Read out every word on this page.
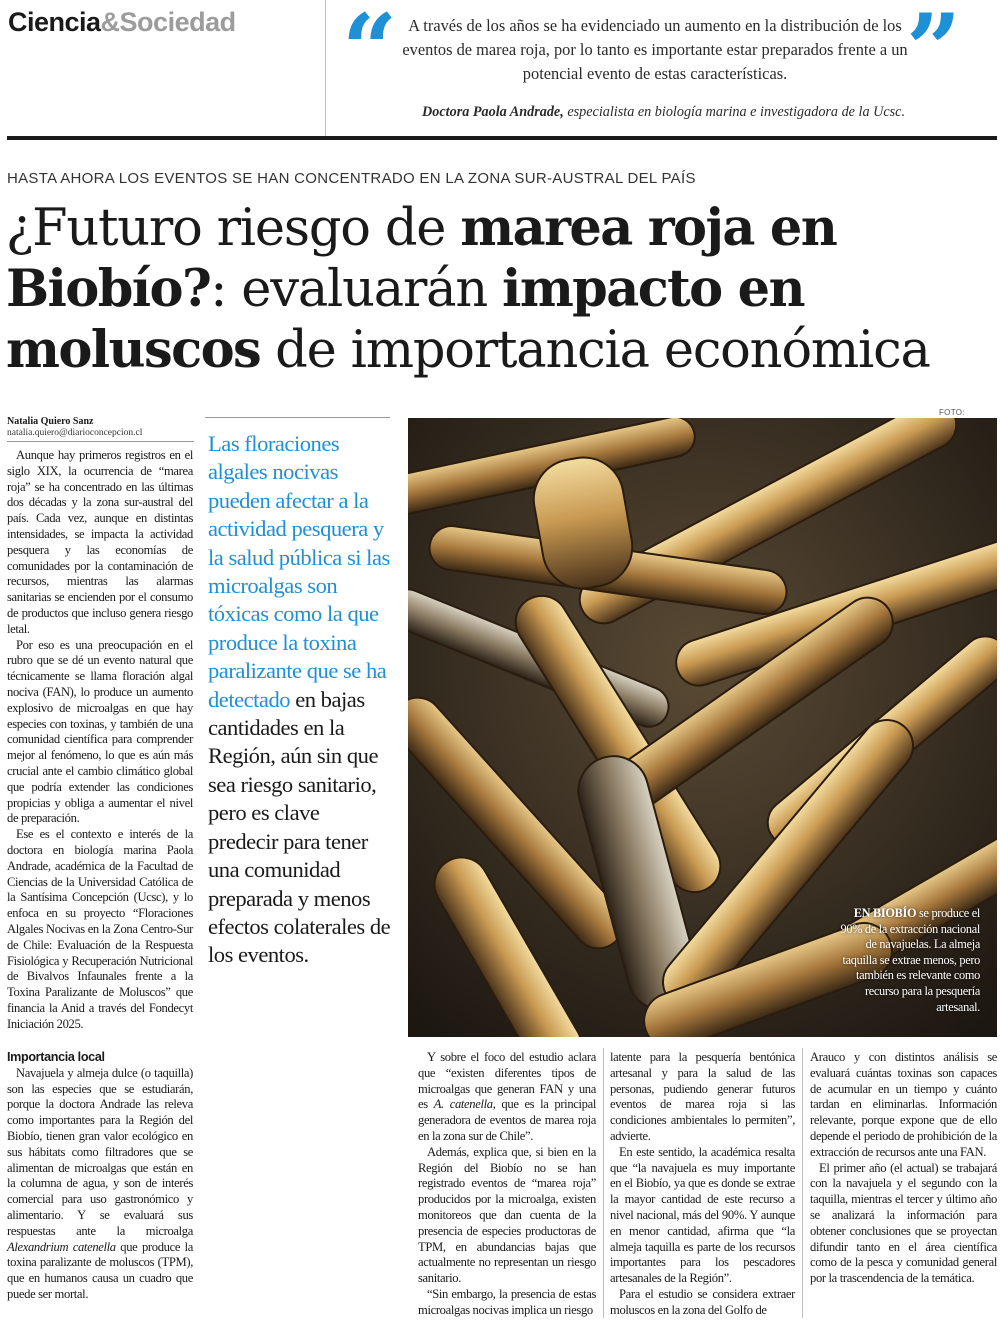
Ciencia&Sociedad “ A través de los años se ha evidenciado un aumento en la distribución de los eventos de marea roja, por lo tanto es importante estar preparados frente a un potencial evento de estas características.	”
Doctora Paola Andrade, especialista en biología marina e investigadora de la Ucsc.
HASTA AHORA LOS EVENTOS SE HAN CONCENTRADO EN LA ZONA SUR-AUSTRAL DEL PAÍS
¿Futuro riesgo de marea roja en
Biobío?: evaluarán impacto en
moluscos de importancia económica
Natalia Quiero Sanz
natalia.quiero@diarioconcepcion.cl

Aunque hay primeros registros en el siglo XIX, la ocurrencia de “marea roja” se ha concentrado en las últimas dos décadas y la zona sur-austral del país. Cada vez, aunque en distintas intensidades, se impacta la actividad pesquera y las economías de comunidades por la contaminación de recursos, mientras las alarmas sanitarias se encienden por el consumo de productos que incluso genera riesgo letal.

Por eso es una preocupación en el rubro que se dé un evento natural que técnicamente se llama floración algal nociva (FAN), lo produce un aumento explosivo de microalgas en que hay especies con toxinas, y también de una comunidad científica para comprender mejor al fenómeno, lo que es aún más crucial ante el cambio climático global que podría extender las condiciones propicias y obliga a aumentar el nivel de preparación.

Ese es el contexto e interés de la doctora en biología marina Paola Andrade, académica de la Facultad de Ciencias de la Universidad Católica de la Santísima Concepción (Ucsc), y lo enfoca en su proyecto “Floraciones Algales Nocivas en la Zona Centro-Sur de Chile: Evaluación de la Respuesta Fisiológica y Recuperación Nutricional de Bivalvos Infaunales frente a la Toxina Paralizante de Moluscos” que financia la Anid a través del Fondecyt Iniciación 2025.

Importancia local

Navajuela y almeja dulce (o taquilla) son las especies que se estudiarán, porque la doctora Andrade las releva como importantes para la Región del Biobío, tienen gran valor ecológico en sus hábitats como filtradores que se alimentan de microalgas que están en la columna de agua, y son de interés comercial para uso gastronómico y alimentario. Y se evaluará sus respuestas ante la microalga Alexandrium catenella que produce la toxina paralizante de moluscos (TPM), que en humanos causa un cuadro que puede ser mortal.

Las floraciones algales nocivas pueden afectar a la actividad pesquera y la salud pública si las microalgas son tóxicas como la que produce la toxina paralizante que se ha detectado en bajas cantidades en la Región, aún sin que sea riesgo sanitario, pero es clave predecir para tener una comunidad preparada y menos efectos colaterales de los eventos.
FOTO:
EN BIOBÍO se produce el 90% de la extracción nacional de navajuelas. La almeja taquilla se extrae menos, pero también es relevante como recurso para la pesquería artesanal.

Y sobre el foco del estudio aclara que “existen diferentes tipos de microalgas que generan FAN y una es A. catenella, que es la principal generadora de eventos de marea roja en la zona sur de Chile”.

Además, explica que, si bien en la Región del Biobío no se han registrado eventos de “marea roja” producidos por la microalga, existen monitoreos que dan cuenta de la presencia de especies productoras de TPM, en abundancias bajas que actualmente no representan un riesgo sanitario.

“Sin embargo, la presencia de estas microalgas nocivas implica un riesgo

latente para la pesquería bentónica artesanal y para la salud de las personas, pudiendo generar futuros eventos de marea roja si las condiciones ambientales lo permiten”, advierte.

En este sentido, la académica resalta que “la navajuela es muy importante en el Biobío, ya que es donde se extrae la mayor cantidad de este recurso a nivel nacional, más del 90%. Y aunque en menor cantidad, afirma que “la almeja taquilla es parte de los recursos importantes para los pescadores artesanales de la Región”.

Para el estudio se considera extraer moluscos en la zona del Golfo de

Arauco y con distintos análisis se evaluará cuántas toxinas son capaces de acumular en un tiempo y cuánto tardan en eliminarlas. Información relevante, porque expone que de ello depende el periodo de prohibición de la extracción de recursos ante una FAN.

El primer año (el actual) se trabajará con la navajuela y el segundo con la taquilla, mientras el tercer y último año se analizará la información para obtener conclusiones que se proyectan difundir tanto en el área científica como de la pesca y comunidad general por la trascendencia de la temática.
